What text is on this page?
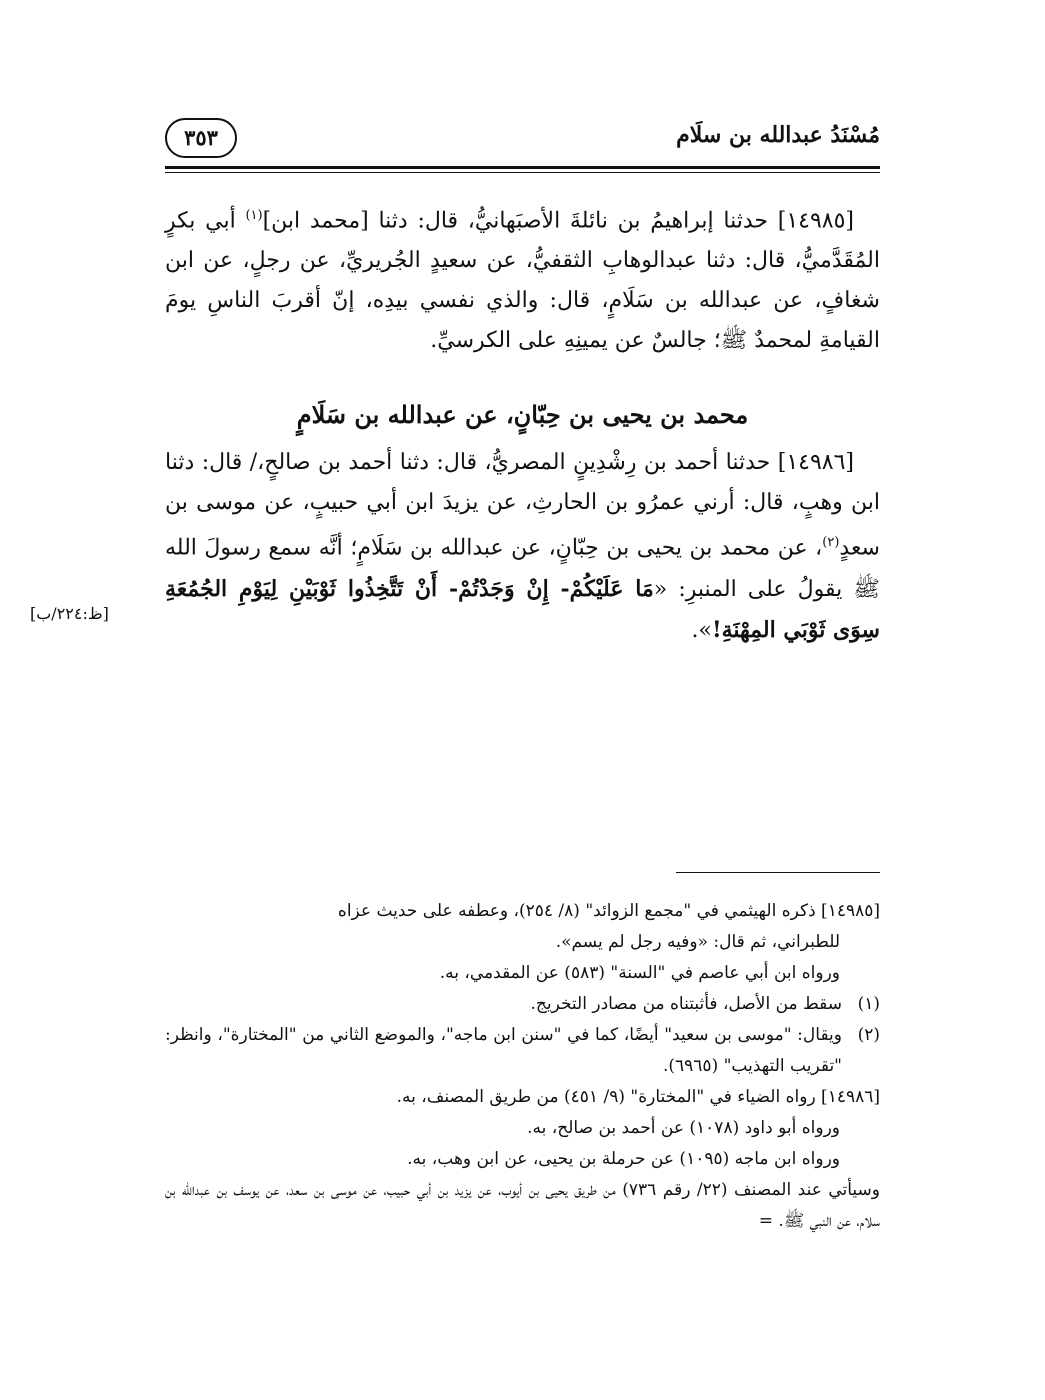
مُسْنَدُ عبدالله بن سلَام
٣٥٣
[ظ:٢٢٤/ب]

[١٤٩٨٥] حدثنا إبراهيمُ بن نائلةَ الأصبَهانيُّ، قال: دثنا [محمد ابن]$^{(١)}$ أبي بكرٍ المُقَدَّميُّ، قال: دثنا عبدالوهابِ الثقفيُّ، عن سعيدٍ الجُريريِّ، عن رجلٍ، عن ابن شغافٍ، عن عبدالله بن سَلَامٍ، قال: والذي نفسي بيدِه، إنّ أقربَ الناسِ يومَ القيامةِ لمحمدٌ ﷺ؛ جالسٌ عن يمينِهِ على الكرسيِّ.

محمد بن يحيى بن حِبّانٍ، عن عبدالله بن سَلَامٍ

[١٤٩٨٦] حدثنا أحمد بن رِشْدِينٍ المصريُّ، قال: دثنا أحمد بن صالحٍ،/ قال: دثنا ابن وهبٍ، قال: أرني عمرُو بن الحارثِ، عن يزيدَ ابن أبي حبيبٍ، عن موسى بن سعدٍ$^{(٢)}$، عن محمد بن يحيى بن حِبّانٍ، عن عبدالله بن سَلَامٍ؛ أنَّه سمع رسولَ الله ﷺ يقولُ على المنبرِ: «مَا عَلَيْكُمْ- إِنْ وَجَدْتُمْ- أَنْ تَتَّخِذُوا ثَوْبَيْنِ لِيَوْمِ الجُمُعَةِ سِوَى ثَوْبَي المِهْنَةِ!».

[١٤٩٨٥] ذكره الهيثمي في "مجمع الزوائد" (٨/ ٢٥٤)، وعطفه على حديث عزاه

للطبراني، ثم قال: «وفيه رجل لم يسم».

ورواه ابن أبي عاصم في "السنة" (٥٨٣) عن المقدمي، به.

(١)
سقط من الأصل، فأثبتناه من مصادر التخريج.
(٢)
ويقال: "موسى بن سعيد" أيضًا، كما في "سنن ابن ماجه"، والموضع الثاني من "المختارة"، وانظر: "تقريب التهذيب" (٦٩٦٥).

[١٤٩٨٦] رواه الضياء في "المختارة" (٩/ ٤٥١) من طريق المصنف، به.

ورواه أبو داود (١٠٧٨) عن أحمد بن صالح، به.

ورواه ابن ماجه (١٠٩٥) عن حرملة بن يحيى، عن ابن وهب، به.

وسيأتي عند المصنف (٢٢/ رقم ٧٣٦) من طريق يحيى بن أيوب، عن يزيد بن أبي حبيب، عن موسى بن سعد، عن يوسف بن عبدالله بن سلام، عن النبي ﷺ. =
